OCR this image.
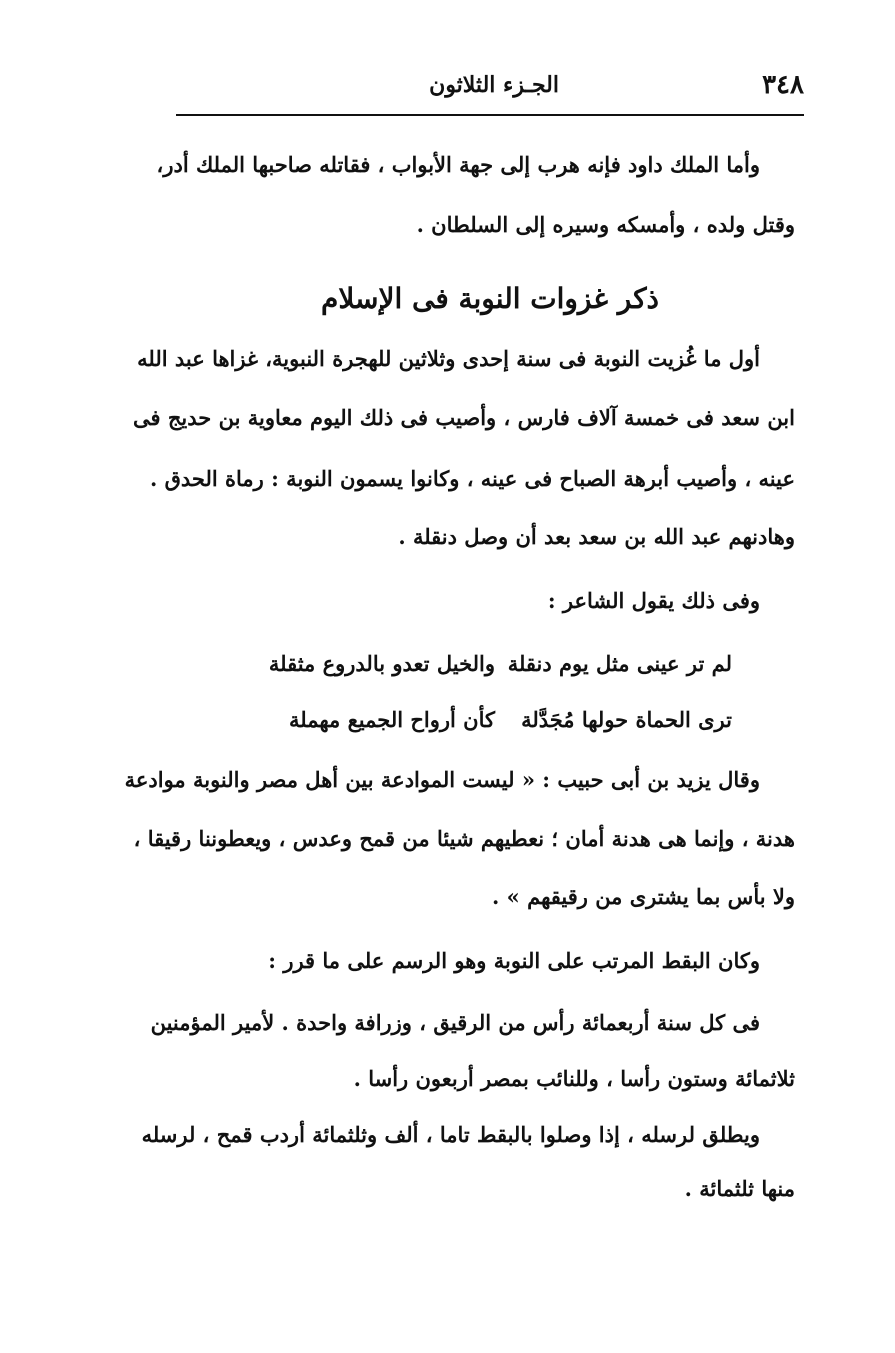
٣٤٨
الجـزء الثلاثون
وأما الملك داود فإنه هرب إلى جهة الأبواب ، فقاتله صاحبها الملك أدر،
وقتل ولده ، وأمسكه وسيره إلى السلطان .
ذكر غزوات النوبة فى الإسلام
أول ما غُزيت النوبة فى سنة إحدى وثلاثين للهجرة النبوية، غزاها عبد الله
ابن سعد فى خمسة آلاف فارس ، وأصيب فى ذلك اليوم معاوية بن حديج فى
عينه ، وأصيب أبرهة الصباح فى عينه ، وكانوا يسمون النوبة : رماة الحدق .
وهادنهم عبد الله بن سعد بعد أن وصل دنقلة .
وفى ذلك يقول الشاعر :
لم تر عينى مثل يوم دنقلة
والخيل تعدو بالدروع مثقلة
ترى الحماة حولها مُجَدَّلة
كأن أرواح الجميع مهملة
وقال يزيد بن أبى حبيب : « ليست الموادعة بين أهل مصر والنوبة موادعة
هدنة ، وإنما هى هدنة أمان ؛ نعطيهم شيئا من قمح وعدس ، ويعطوننا رقيقا ،
ولا بأس بما يشترى من رقيقهم » .
وكان البقط المرتب على النوبة وهو الرسم على ما قرر :
فى كل سنة أربعمائة رأس من الرقيق ، وزرافة واحدة . لأمير المؤمنين
ثلاثمائة وستون رأسا ، وللنائب بمصر أربعون رأسا .
ويطلق لرسله ، إذا وصلوا بالبقط تاما ، ألف وثلثمائة أردب قمح ، لرسله
منها ثلثمائة .
